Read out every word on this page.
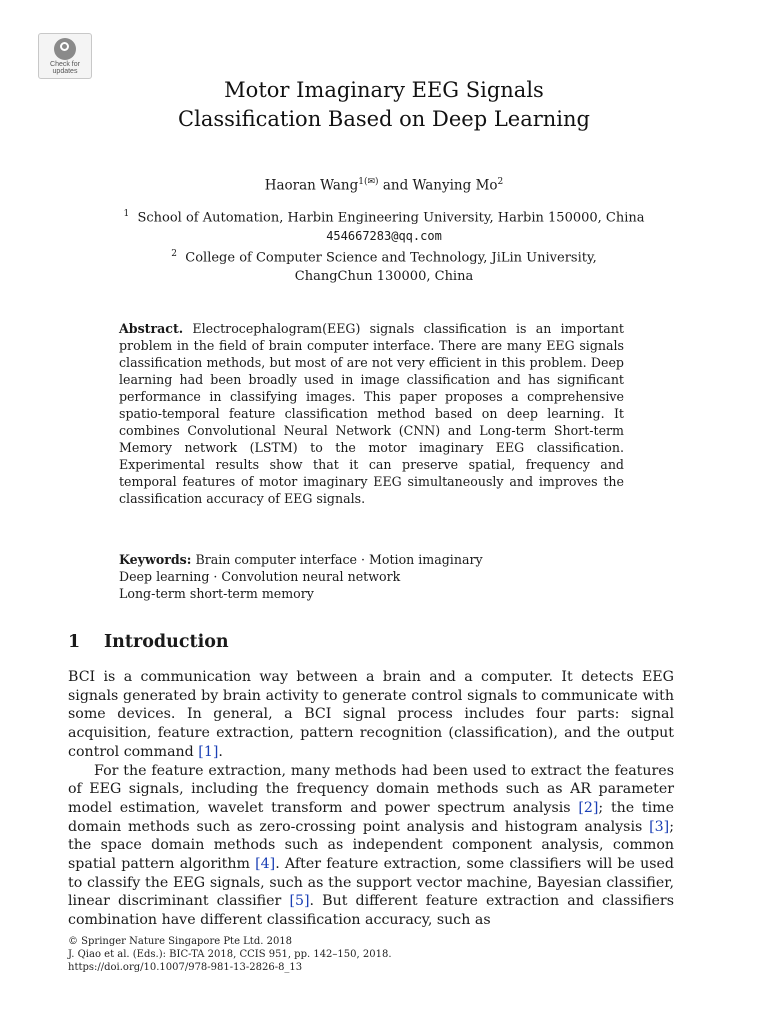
Check for
updates
Motor Imaginary EEG Signals
Classification Based on Deep Learning
Haoran Wang$^{1(✉)}$ and Wanying Mo$^2$
$^1$ School of Automation, Harbin Engineering University, Harbin 150000, China
454667283@qq.com
$^2$ College of Computer Science and Technology, JiLin University,
ChangChun 130000, China
Abstract. Electrocephalogram(EEG) signals classification is an important problem in the field of brain computer interface. There are many EEG signals classification methods, but most of are not very efficient in this problem. Deep learning had been broadly used in image classification and has significant performance in classifying images. This paper proposes a comprehensive spatio-temporal feature classification method based on deep learning. It combines Convolutional Neural Network (CNN) and Long-term Short-term Memory network (LSTM) to the motor imaginary EEG classification. Experimental results show that it can preserve spatial, frequency and temporal features of motor imaginary EEG simultaneously and improves the classification accuracy of EEG signals.
Keywords: Brain computer interface · Motion imaginary
Deep learning · Convolution neural network
Long-term short-term memory
1 Introduction

BCI is a communication way between a brain and a computer. It detects EEG signals generated by brain activity to generate control signals to communicate with some devices. In general, a BCI signal process includes four parts: signal acquisition, feature extraction, pattern recognition (classification), and the output control command [1].

For the feature extraction, many methods had been used to extract the features of EEG signals, including the frequency domain methods such as AR parameter model estimation, wavelet transform and power spectrum analysis [2]; the time domain methods such as zero-crossing point analysis and histogram analysis [3]; the space domain methods such as independent component analysis, common spatial pattern algorithm [4]. After feature extraction, some classifiers will be used to classify the EEG signals, such as the support vector machine, Bayesian classifier, linear discriminant classifier [5]. But different feature extraction and classifiers combination have different classification accuracy, such as

© Springer Nature Singapore Pte Ltd. 2018
J. Qiao et al. (Eds.): BIC-TA 2018, CCIS 951, pp. 142–150, 2018.
https://doi.org/10.1007/978-981-13-2826-8_13
